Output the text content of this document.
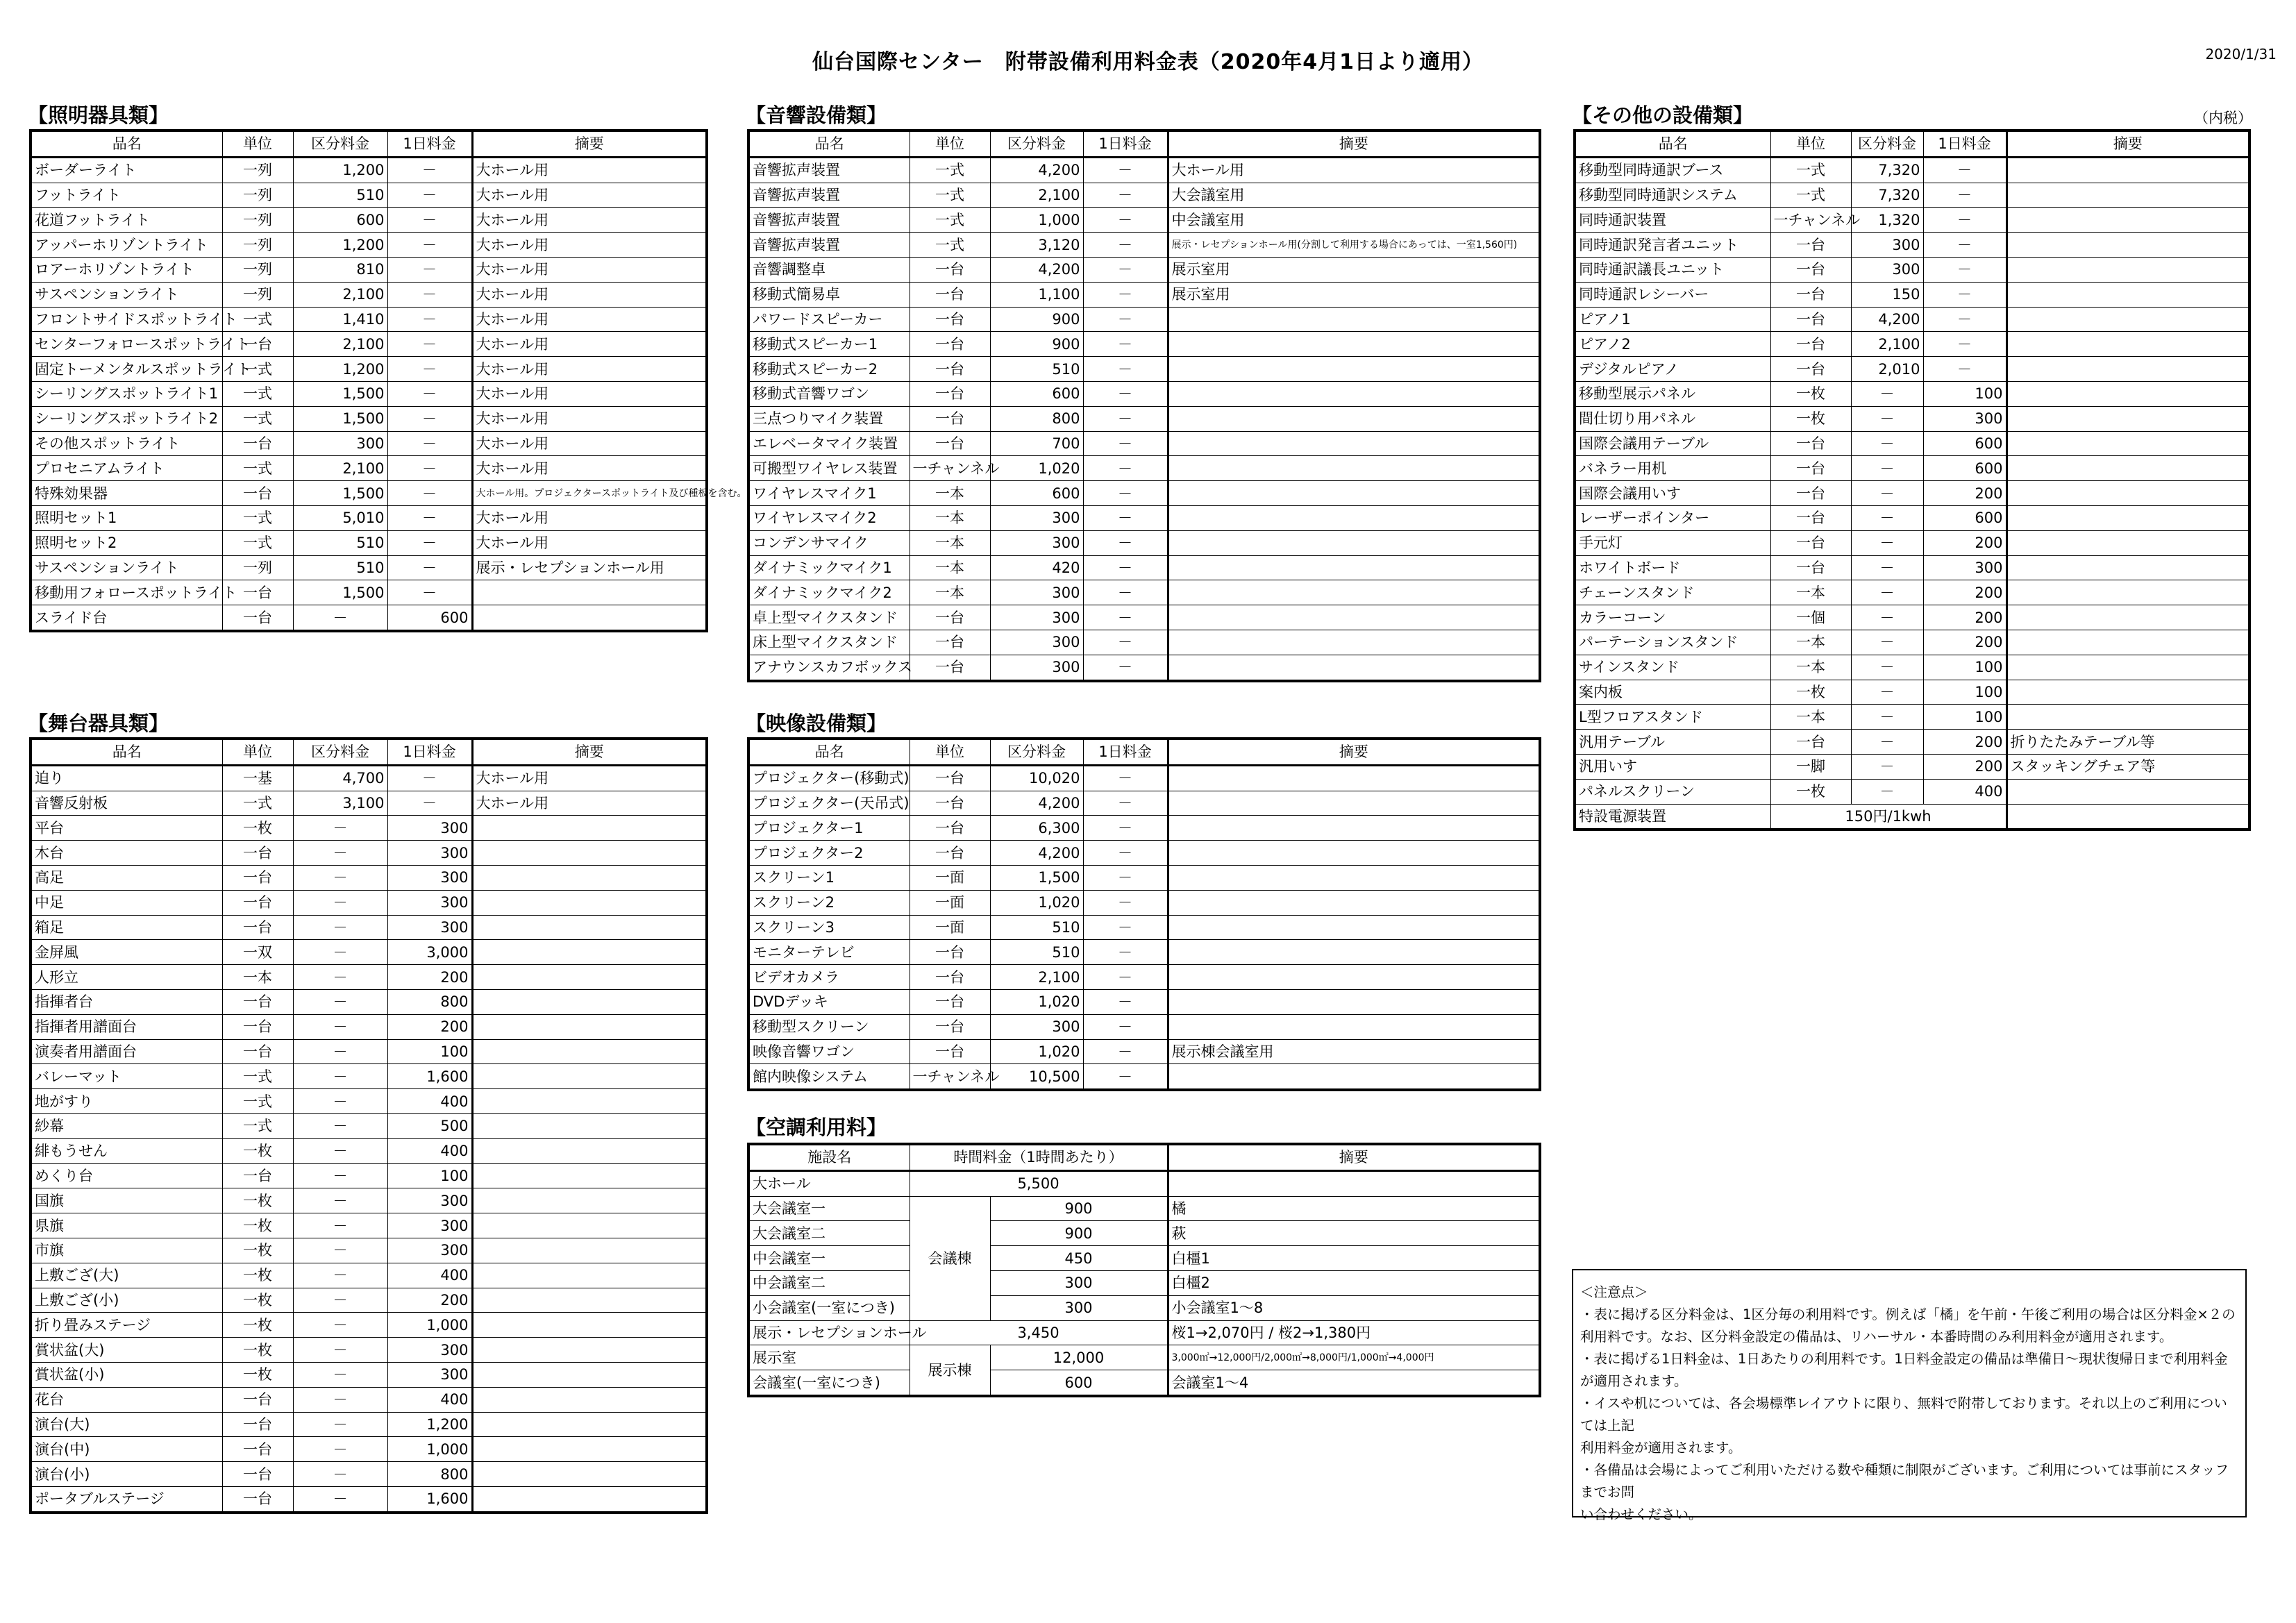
仙台国際センター　附帯設備利用料金表（2020年4月1日より適用）	2020/1/31
【照明器具類】
品名	単位	区分料金	1日料金	摘要
ボーダーライト	一列	1,200	－	大ホール用
フットライト	一列	510	－	大ホール用
花道フットライト	一列	600	－	大ホール用
アッパーホリゾントライト	一列	1,200	－	大ホール用
ロアーホリゾントライト	一列	810	－	大ホール用
サスペンションライト	一列	2,100	－	大ホール用
フロントサイドスポットライト	一式	1,410	－	大ホール用
センターフォロースポットライト	一台	2,100	－	大ホール用
固定トーメンタルスポットライト	一式	1,200	－	大ホール用
シーリングスポットライト1	一式	1,500	－	大ホール用
シーリングスポットライト2	一式	1,500	－	大ホール用
その他スポットライト	一台	300	－	大ホール用
プロセニアムライト	一式	2,100	－	大ホール用
特殊効果器	一台	1,500	－	大ホール用。プロジェクタースポットライト及び種板を含む。
照明セット1	一式	5,010	－	大ホール用
照明セット2	一式	510	－	大ホール用
サスペンションライト	一列	510	－	展示・レセプションホール用
移動用フォロースポットライト	一台	1,500	－	
スライド台	一台	－	600	
【舞台器具類】
品名	単位	区分料金	1日料金	摘要
迫り	一基	4,700	－	大ホール用
音響反射板	一式	3,100	－	大ホール用
平台	一枚	－	300	
木台	一台	－	300	
高足	一台	－	300	
中足	一台	－	300	
箱足	一台	－	300	
金屏風	一双	－	3,000	
人形立	一本	－	200	
指揮者台	一台	－	800	
指揮者用譜面台	一台	－	200	
演奏者用譜面台	一台	－	100	
バレーマット	一式	－	1,600	
地がすり	一式	－	400	
紗幕	一式	－	500	
緋もうせん	一枚	－	400	
めくり台	一台	－	100	
国旗	一枚	－	300	
県旗	一枚	－	300	
市旗	一枚	－	300	
上敷ござ(大)	一枚	－	400	
上敷ござ(小)	一枚	－	200	
折り畳みステージ	一枚	－	1,000	
賞状盆(大)	一枚	－	300	
賞状盆(小)	一枚	－	300	
花台	一台	－	400	
演台(大)	一台	－	1,200	
演台(中)	一台	－	1,000	
演台(小)	一台	－	800	
ポータブルステージ	一台	－	1,600	
【音響設備類】
品名	単位	区分料金	1日料金	摘要
音響拡声装置	一式	4,200	－	大ホール用
音響拡声装置	一式	2,100	－	大会議室用
音響拡声装置	一式	1,000	－	中会議室用
音響拡声装置	一式	3,120	－	展示・レセプションホール用(分割して利用する場合にあっては、一室1,560円)
音響調整卓	一台	4,200	－	展示室用
移動式簡易卓	一台	1,100	－	展示室用
パワードスピーカー	一台	900	－	
移動式スピーカー1	一台	900	－	
移動式スピーカー2	一台	510	－	
移動式音響ワゴン	一台	600	－	
三点つりマイク装置	一台	800	－	
エレベータマイク装置	一台	700	－	
可搬型ワイヤレス装置	一チャンネル	1,020	－	
ワイヤレスマイク1	一本	600	－	
ワイヤレスマイク2	一本	300	－	
コンデンサマイク	一本	300	－	
ダイナミックマイク1	一本	420	－	
ダイナミックマイク2	一本	300	－	
卓上型マイクスタンド	一台	300	－	
床上型マイクスタンド	一台	300	－	
アナウンスカフボックス	一台	300	－	
【映像設備類】
品名	単位	区分料金	1日料金	摘要
プロジェクター(移動式)	一台	10,020	－	
プロジェクター(天吊式)	一台	4,200	－	
プロジェクター1	一台	6,300	－	
プロジェクター2	一台	4,200	－	
スクリーン1	一面	1,500	－	
スクリーン2	一面	1,020	－	
スクリーン3	一面	510	－	
モニターテレビ	一台	510	－	
ビデオカメラ	一台	2,100	－	
DVDデッキ	一台	1,020	－	
移動型スクリーン	一台	300	－	
映像音響ワゴン	一台	1,020	－	展示棟会議室用
館内映像システム	一チャンネル	10,500	－	
【空調利用料】
施設名	時間料金（1時間あたり）		摘要
大ホール	5,500		
大会議室一	会議棟	900	橘
大会議室二		900	萩
中会議室一		450	白橿1
中会議室二		300	白橿2
小会議室(一室につき)		300	小会議室1～8
展示・レセプションホール	3,450		桜1→2,070円 / 桜2→1,380円
展示室	展示棟	12,000	3,000㎡→12,000円/2,000㎡→8,000円/1,000㎡→4,000円
会議室(一室につき)		600	会議室1～4
【その他の設備類】	（内税）
品名	単位	区分料金	1日料金	摘要
移動型同時通訳ブース	一式	7,320	－	
移動型同時通訳システム	一式	7,320	－	
同時通訳装置	一チャンネル	1,320	－	
同時通訳発言者ユニット	一台	300	－	
同時通訳議長ユニット	一台	300	－	
同時通訳レシーバー	一台	150	－	
ピアノ1	一台	4,200	－	
ピアノ2	一台	2,100	－	
デジタルピアノ	一台	2,010	－	
移動型展示パネル	一枚	－	100	
間仕切り用パネル	一枚	－	300	
国際会議用テーブル	一台	－	600	
バネラー用机	一台	－	600	
国際会議用いす	一台	－	200	
レーザーポインター	一台	－	600	
手元灯	一台	－	200	
ホワイトボード	一台	－	300	
チェーンスタンド	一本	－	200	
カラーコーン	一個	－	200	
パーテーションスタンド	一本	－	200	
サインスタンド	一本	－	100	
案内板	一枚	－	100	
L型フロアスタンド	一本	－	100	
汎用テーブル	一台	－	200	折りたたみテーブル等
汎用いす	一脚	－	200	スタッキングチェア等
パネルスクリーン	一枚	－	400	
特設電源装置	150円/1kwh			
＜注意点＞
・表に掲げる区分料金は、1区分毎の利用料です。例えば「橘」を午前・午後ご利用の場合は区分料金×２の
利用料です。なお、区分料金設定の備品は、リハーサル・本番時間のみ利用料金が適用されます。
・表に掲げる1日料金は、1日あたりの利用料です。1日料金設定の備品は準備日～現状復帰日まで利用料金
が適用されます。
・イスや机については、各会場標準レイアウトに限り、無料で附帯しております。それ以上のご利用については上記
利用料金が適用されます。
・各備品は会場によってご利用いただける数や種類に制限がございます。ご利用については事前にスタッフまでお問
い合わせください。
